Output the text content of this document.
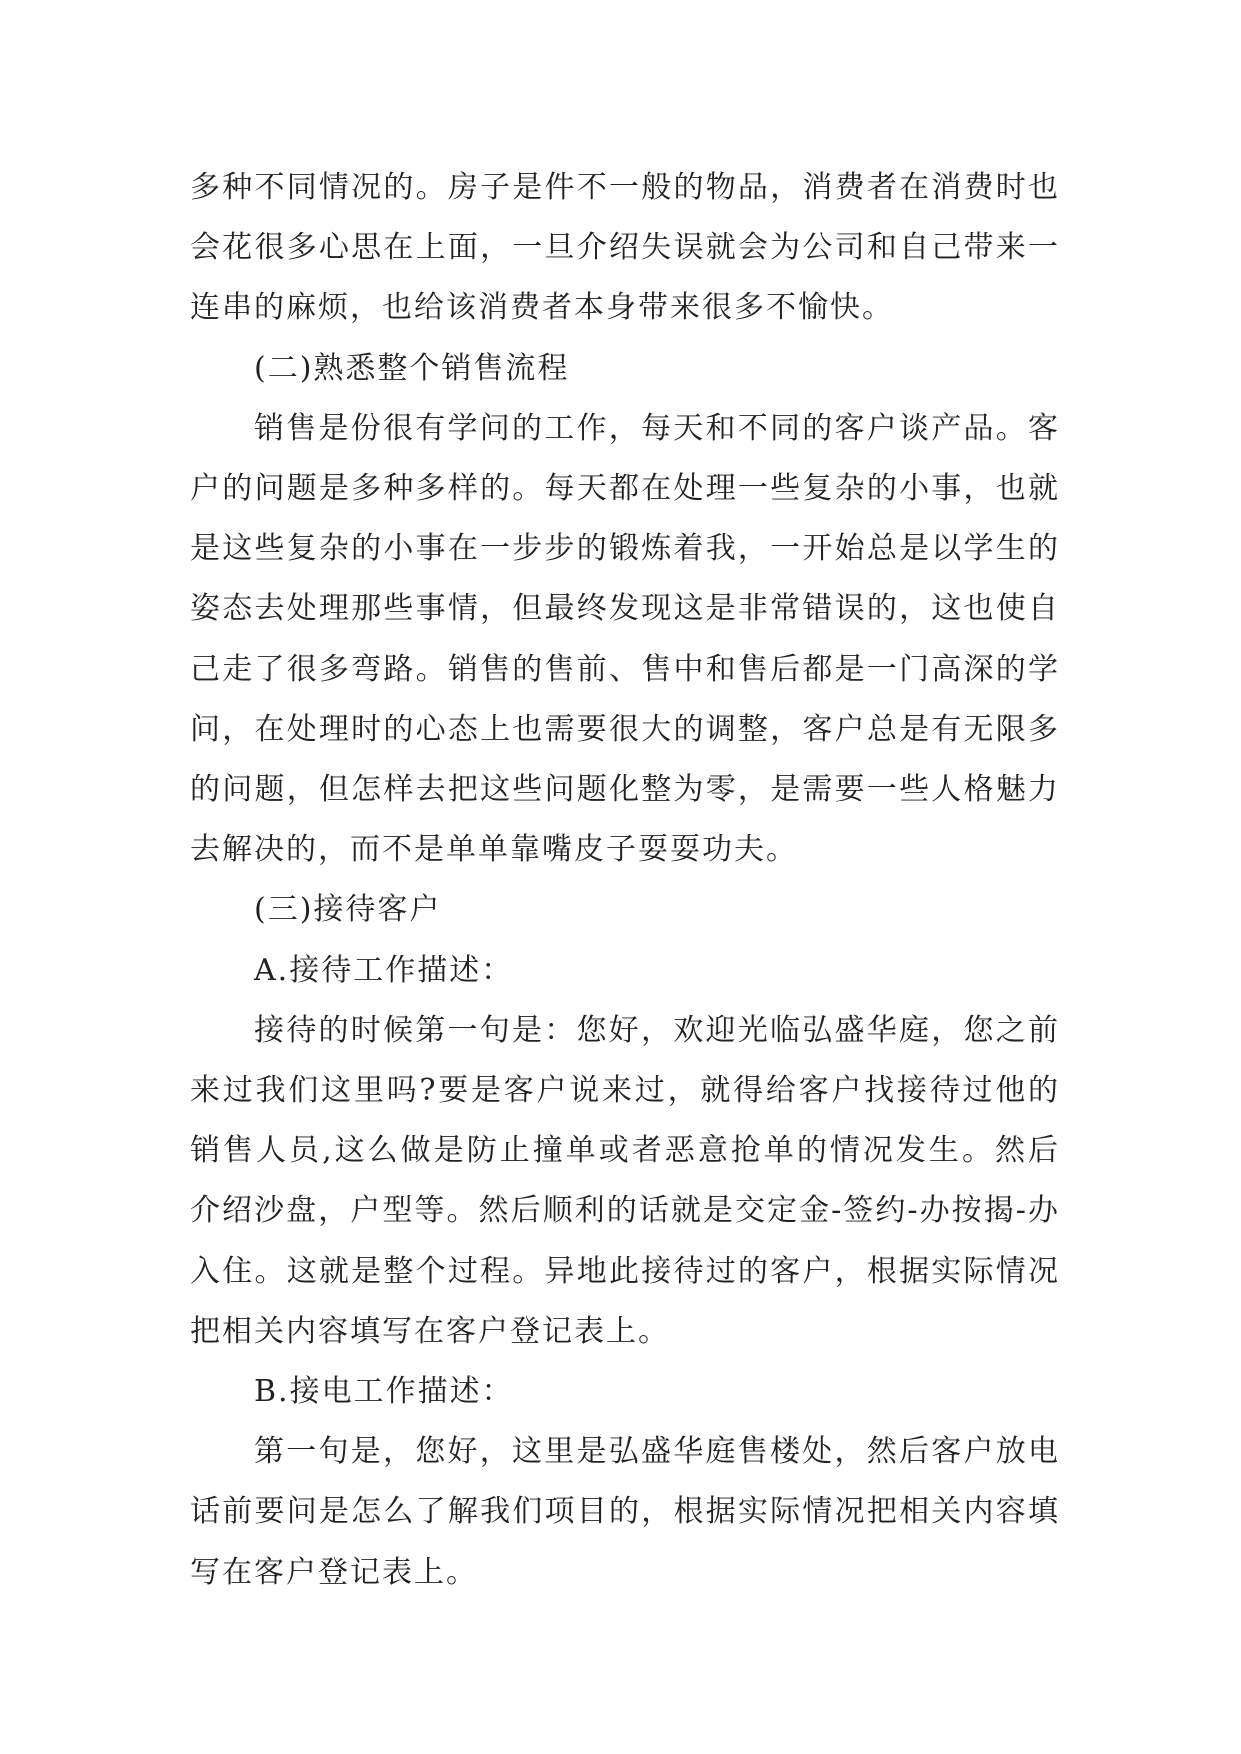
多种不同情况的。房子是件不一般的物品，消费者在消费时也会花很多心思在上面，一旦介绍失误就会为公司和自己带来一连串的麻烦，也给该消费者本身带来很多不愉快。

(二)熟悉整个销售流程

销售是份很有学问的工作，每天和不同的客户谈产品。客户的问题是多种多样的。每天都在处理一些复杂的小事，也就是这些复杂的小事在一步步的锻炼着我，一开始总是以学生的姿态去处理那些事情，但最终发现这是非常错误的，这也使自己走了很多弯路。销售的售前、售中和售后都是一门高深的学问，在处理时的心态上也需要很大的调整，客户总是有无限多的问题，但怎样去把这些问题化整为零，是需要一些人格魅力去解决的，而不是单单靠嘴皮子耍耍功夫。

(三)接待客户

A.接待工作描述：

接待的时候第一句是：您好，欢迎光临弘盛华庭，您之前来过我们这里吗?要是客户说来过，就得给客户找接待过他的销售人员,这么做是防止撞单或者恶意抢单的情况发生。然后介绍沙盘，户型等。然后顺利的话就是交定金-签约-办按揭-办入住。这就是整个过程。异地此接待过的客户，根据实际情况把相关内容填写在客户登记表上。

B.接电工作描述：

第一句是，您好，这里是弘盛华庭售楼处，然后客户放电话前要问是怎么了解我们项目的，根据实际情况把相关内容填写在客户登记表上。
